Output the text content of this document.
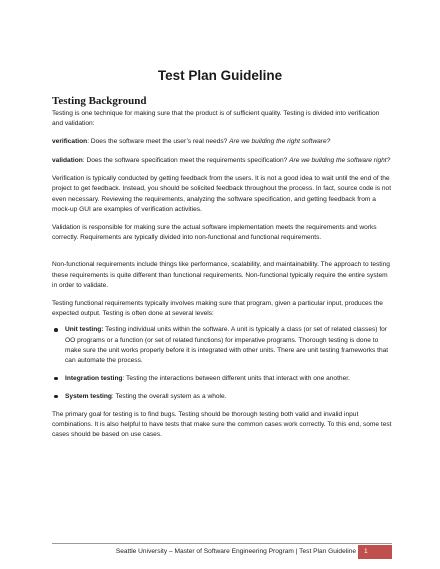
Test Plan Guideline
Testing Background

Testing is one technique for making sure that the product is of sufficient quality. Testing is divided into verification and validation:

verification: Does the software meet the user’s real needs? Are we building the right software?

validation: Does the software specification meet the requirements specification? Are we building the software right?

Verification is typically conducted by getting feedback from the users. It is not a good idea to wait until the end of the project to get feedback. Instead, you should be solicited feedback throughout the process. In fact, source code is not even necessary. Reviewing the requirements, analyzing the software specification, and getting feedback from a mock-up GUI are examples of verification activities.

Validation is responsible for making sure the actual software implementation meets the requirements and works correctly. Requirements are typically divided into non-functional and functional requirements.

Non-functional requirements include things like performance, scalability, and maintainability. The approach to testing these requirements is quite different than functional requirements. Non-functional typically require the entire system in order to validate.

Testing functional requirements typically involves making sure that program, given a particular input, produces the expected output. Testing is often done at several levels:

Unit testing: Testing individual units within the software. A unit is typically a class (or set of related classes) for OO programs or a function (or set of related functions) for imperative programs. Thorough testing is done to make sure the unit works properly before it is integrated with other units. There are unit testing frameworks that can automate the process.
Integration testing: Testing the interactions between different units that interact with one another.
System testing: Testing the overall system as a whole.

The primary goal for testing is to find bugs. Testing should be thorough testing both valid and invalid input combinations. It is also helpful to have tests that make sure the common cases work correctly. To this end, some test cases should be based on use cases.

Seattle University – Master of Software Engineering Program | Test Plan Guideline	1
